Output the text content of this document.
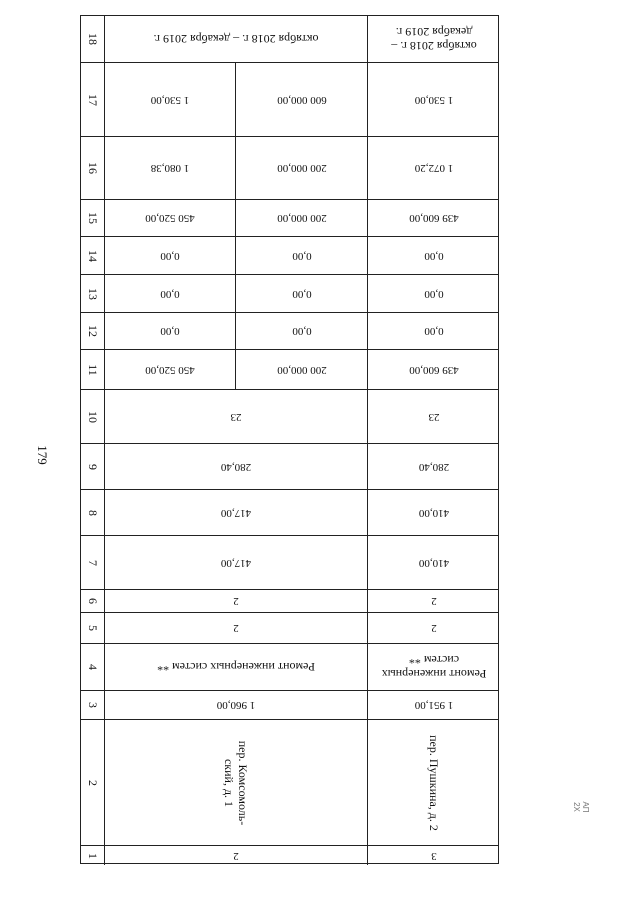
179
АП 2Х
18	октября 2018 г. – декабря 2019 г.	октября 2018 г. – декабря 2019 г.
17	1 530,00	600 000,00	1 530,00
16	1 080,38	200 000,00	1 072,20
15	450 520,00	200 000,00	439 600,00
14	0,00	0,00	0,00
13	0,00	0,00	0,00
12	0,00	0,00	0,00
11	450 520,00	200 000,00	439 600,00
10	23	23
9	280,40	280,40
8	417,00	410,00
7	417,00	410,00
6	2	2
5	2	2
4	Ремонт инженерных систем **	Ремонт инженерных систем **
3	1 960,00	1 951,00
2	пер. Комсомоль- ский, д. 1	пер. Пушкина, д. 2
1	2	3
